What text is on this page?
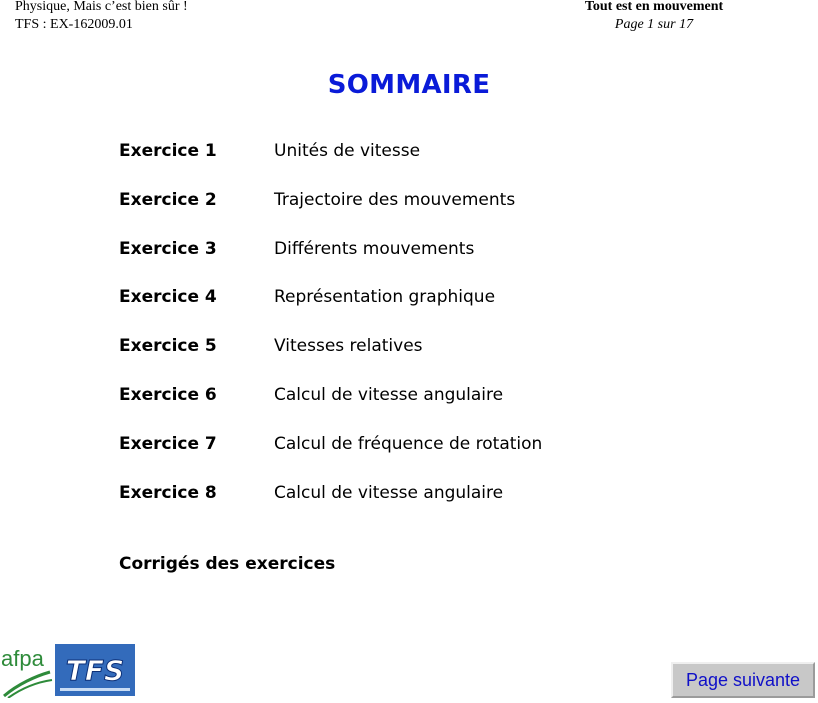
Physique, Mais c’est bien sûr !
TFS : EX-162009.01
Tout est en mouvement
Page 1 sur 17
SOMMAIRE
Exercice 1	Unités de vitesse
Exercice 2	Trajectoire des mouvements
Exercice 3	Différents mouvements
Exercice 4	Représentation graphique
Exercice 5	Vitesses relatives
Exercice 6	Calcul de vitesse angulaire
Exercice 7	Calcul de fréquence de rotation
Exercice 8	Calcul de vitesse angulaire
Corrigés des exercices
afpa TFS	Page suivante
